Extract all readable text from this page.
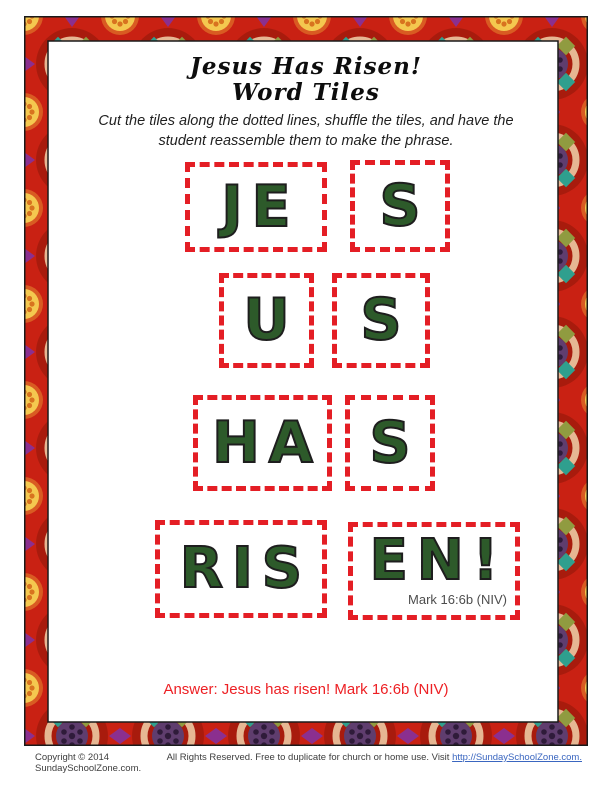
Jesus Has Risen!
Word Tiles
Cut the tiles along the dotted lines, shuffle the tiles, and have the
student reassemble them to make the phrase.
JE S
U S
HA S
RIS EN!
Mark 16:6b (NIV)
Answer: Jesus has risen! Mark 16:6b (NIV)
Copyright © 2014 SundaySchoolZone.com.
All Rights Reserved. Free to duplicate for church or home use. Visit http://SundaySchoolZone.com.
